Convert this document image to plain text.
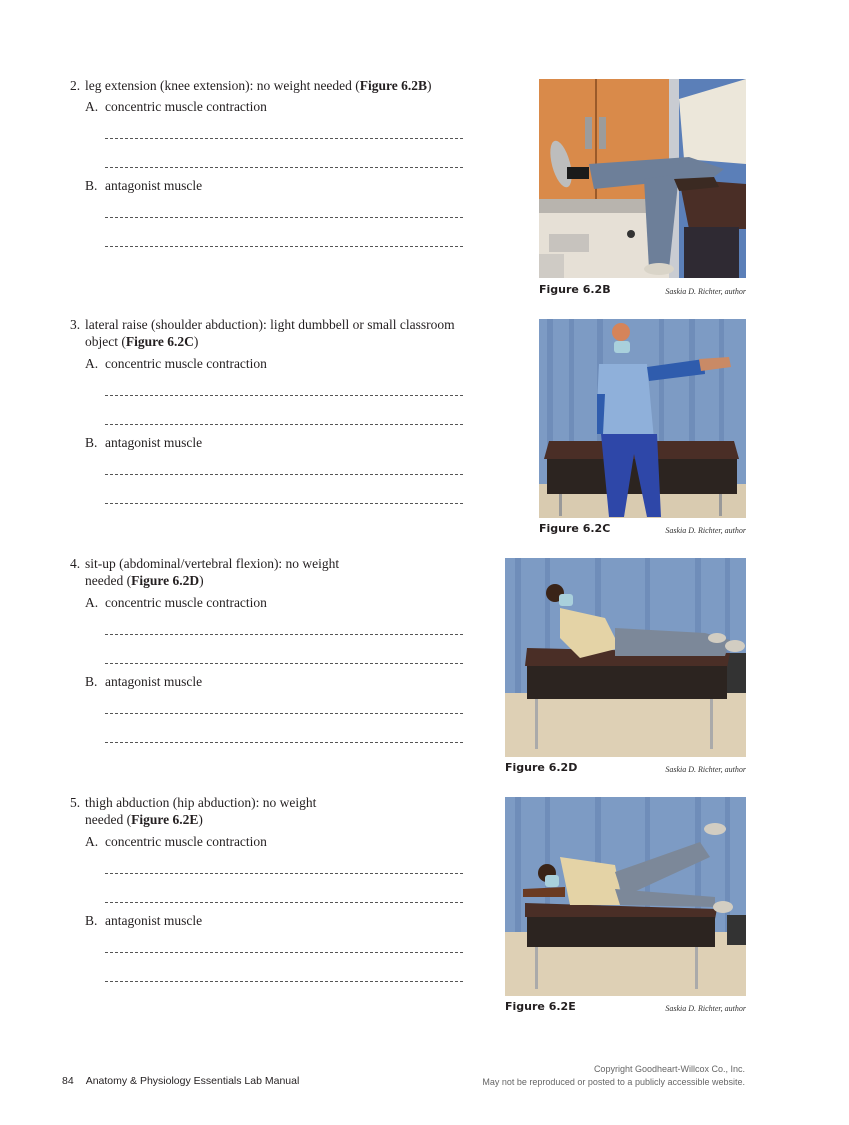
2. leg extension (knee extension): no weight needed (Figure 6.2B)
A. concentric muscle contraction
B. antagonist muscle
Figure 6.2B	Saskia D. Richter, author
3. lateral raise (shoulder abduction): light dumbbell or small classroom
object (Figure 6.2C)
A. concentric muscle contraction
B. antagonist muscle
Figure 6.2C	Saskia D. Richter, author
4. sit-up (abdominal/vertebral flexion): no weight
needed (Figure 6.2D)
A. concentric muscle contraction
B. antagonist muscle
Figure 6.2D	Saskia D. Richter, author
5. thigh abduction (hip abduction): no weight
needed (Figure 6.2E)
A. concentric muscle contraction
B. antagonist muscle
Figure 6.2E	Saskia D. Richter, author
84 Anatomy & Physiology Essentials Lab Manual
Copyright Goodheart-Willcox Co., Inc.
May not be reproduced or posted to a publicly accessible website.
